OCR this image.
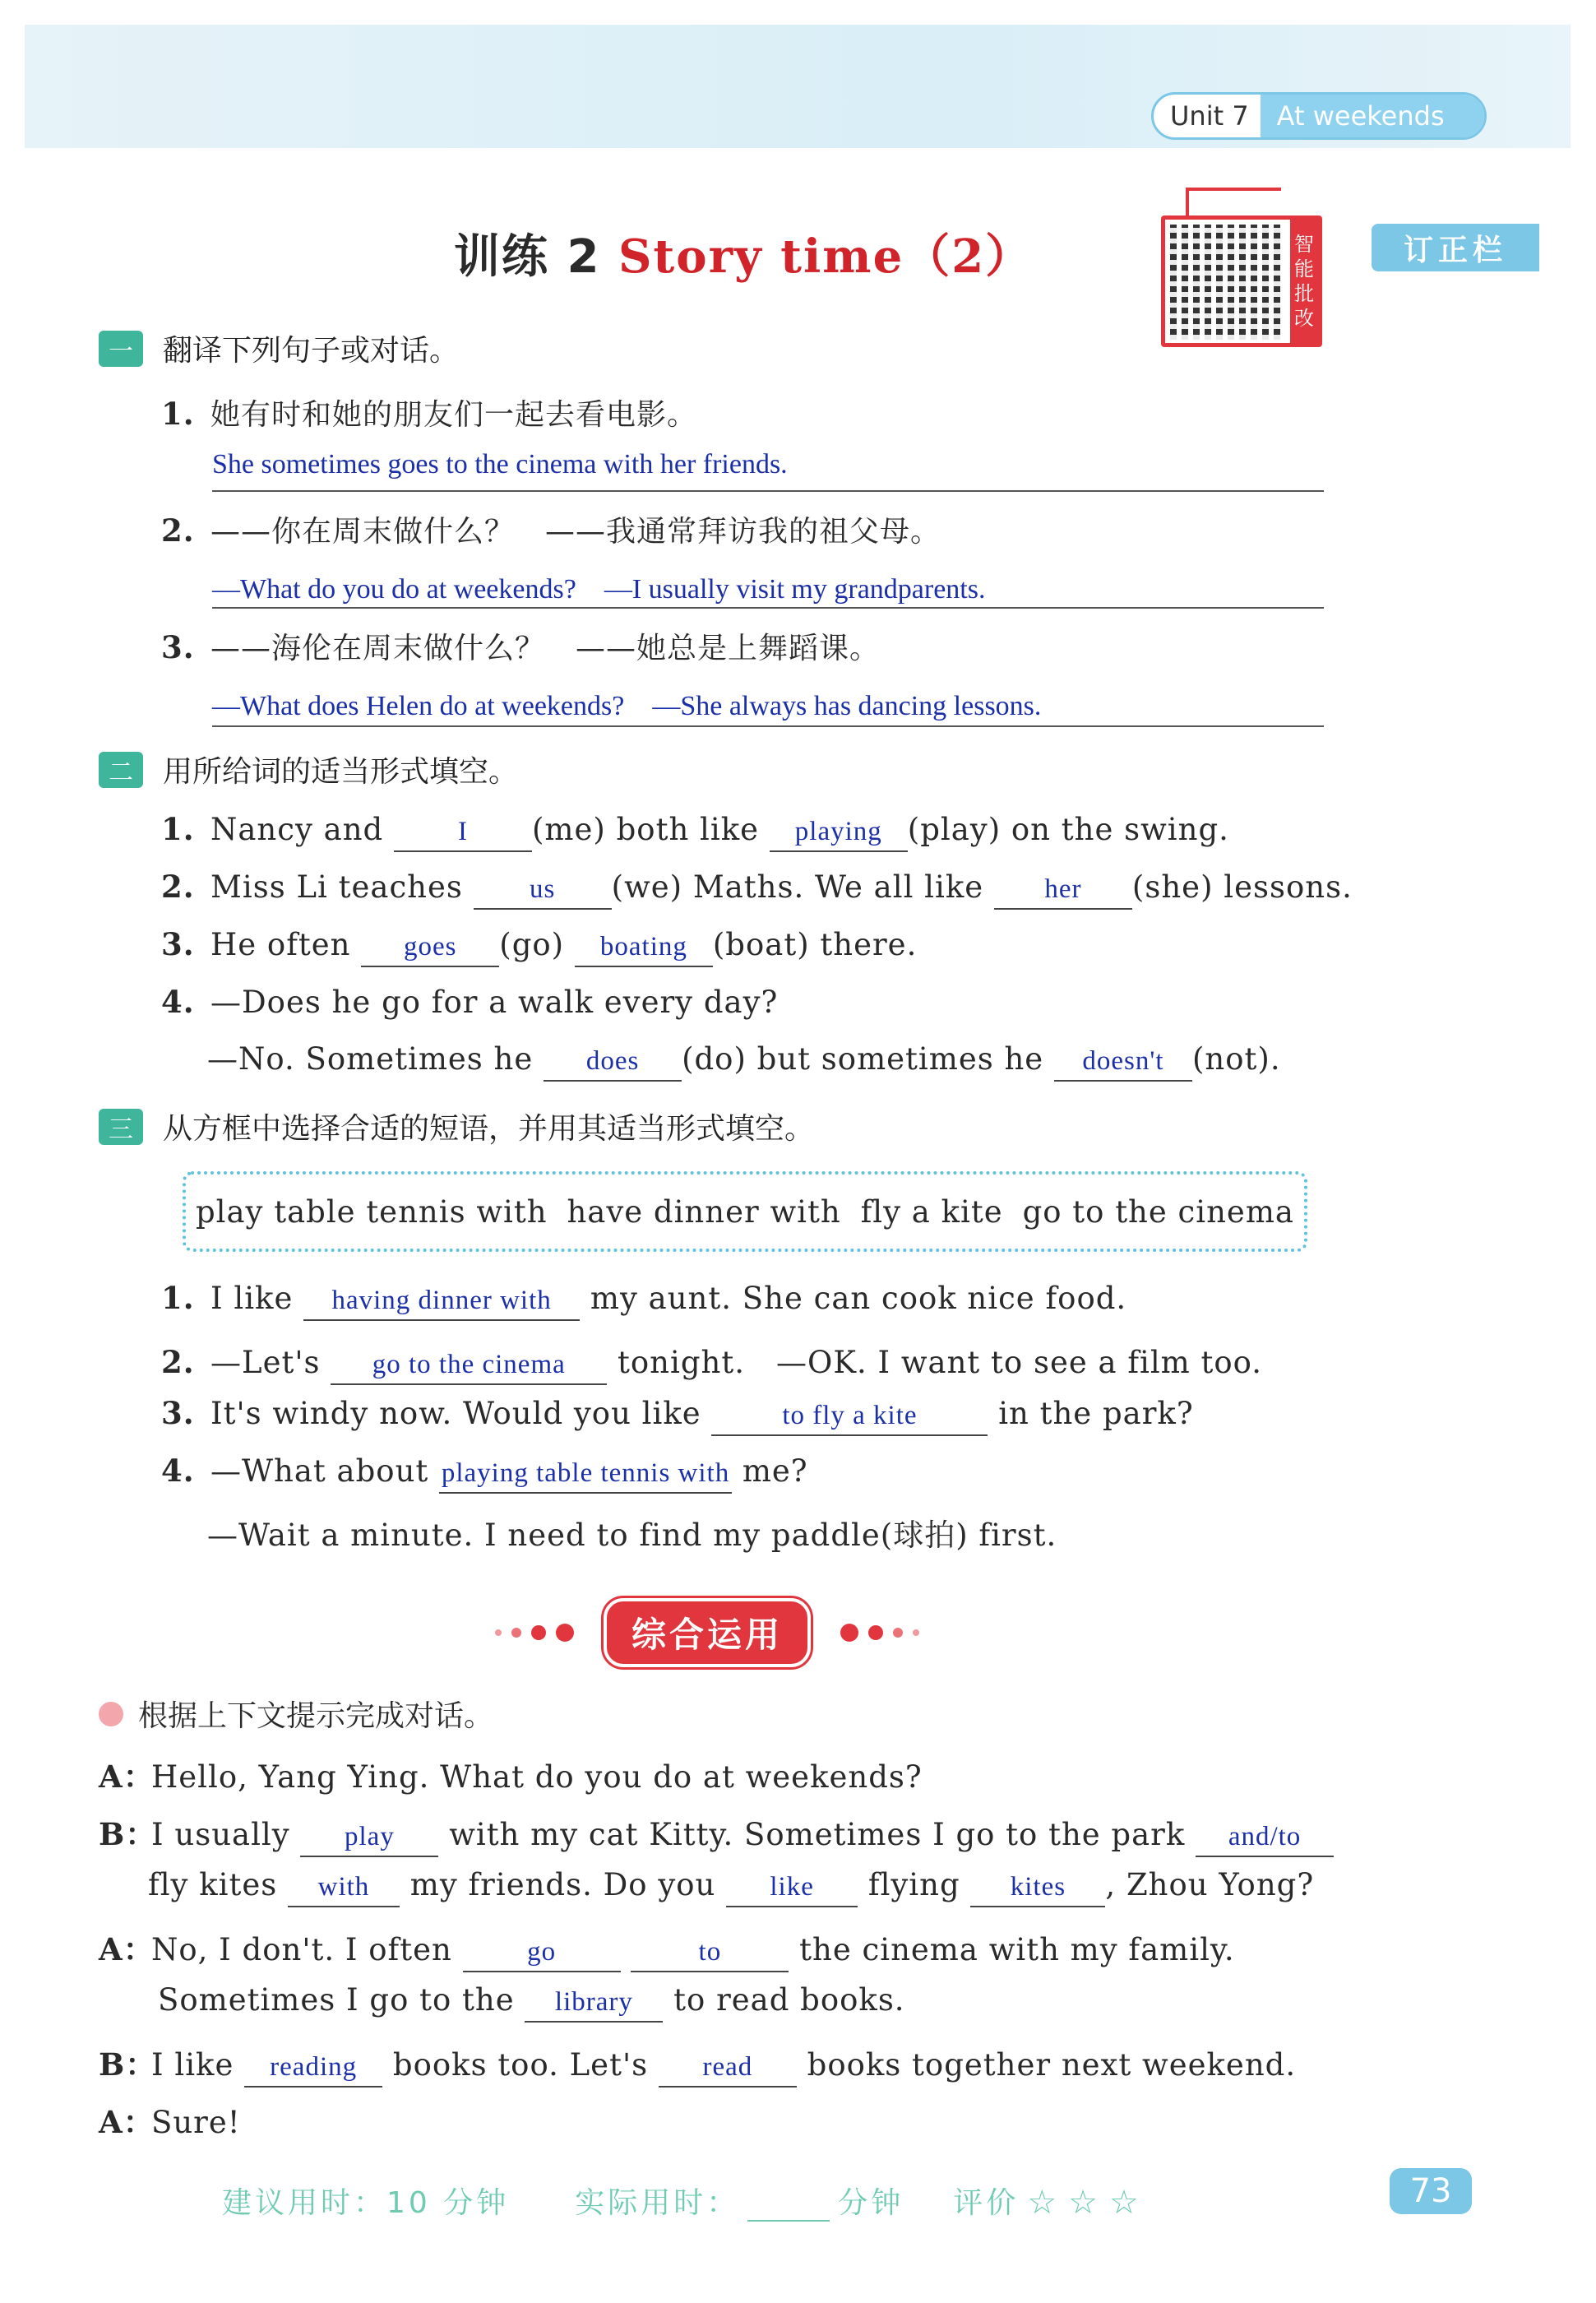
Unit 7	At weekends
训练 2 Story time（2）	智
能
批
改
订正栏
一	翻译下列句子或对话。
1. 她有时和她的朋友们一起去看电影。
She sometimes goes to the cinema with her friends.
2. ——你在周末做什么？　——我通常拜访我的祖父母。
—What do you do at weekends?　—I usually visit my grandparents.
3. ——海伦在周末做什么？　——她总是上舞蹈课。
—What does Helen do at weekends?　—She always has dancing lessons.
二	用所给词的适当形式填空。
1. Nancy and	I (me) both like playing (play) on the swing.
2. Miss Li teaches us (we) Maths. We all like her (she) lessons.
3. He often goes (go) boating (boat) there.
4. —Does he go for a walk every day?
—No. Sometimes he does (do) but sometimes he doesn't (not).
三	从方框中选择合适的短语，并用其适当形式填空。
play table tennis with have dinner with fly a kite go to the cinema
1. I like having dinner with my aunt. She can cook nice food.
2. —Let's go to the cinema tonight.　—OK. I want to see a film too.
3. It's windy now. Would you like	to fly a kite	in the park?
4. —What about playing table tennis with me?
—Wait a minute. I need to find my paddle(球拍) first.
综合运用
根据上下文提示完成对话。
A：Hello, Yang Ying. What do you do at weekends?
B：I usually play with my cat Kitty. Sometimes I go to the park and/to
fly kites with my friends. Do you like flying kites , Zhou Yong?
A：No, I don't. I often	go	to	the cinema with my family.
Sometimes I go to the library to read books.
B：I like reading books too. Let's read books together next weekend.
A：Sure!
建议用时：10 分钟 实际用时：	分钟 评价 ☆ ☆ ☆	73
